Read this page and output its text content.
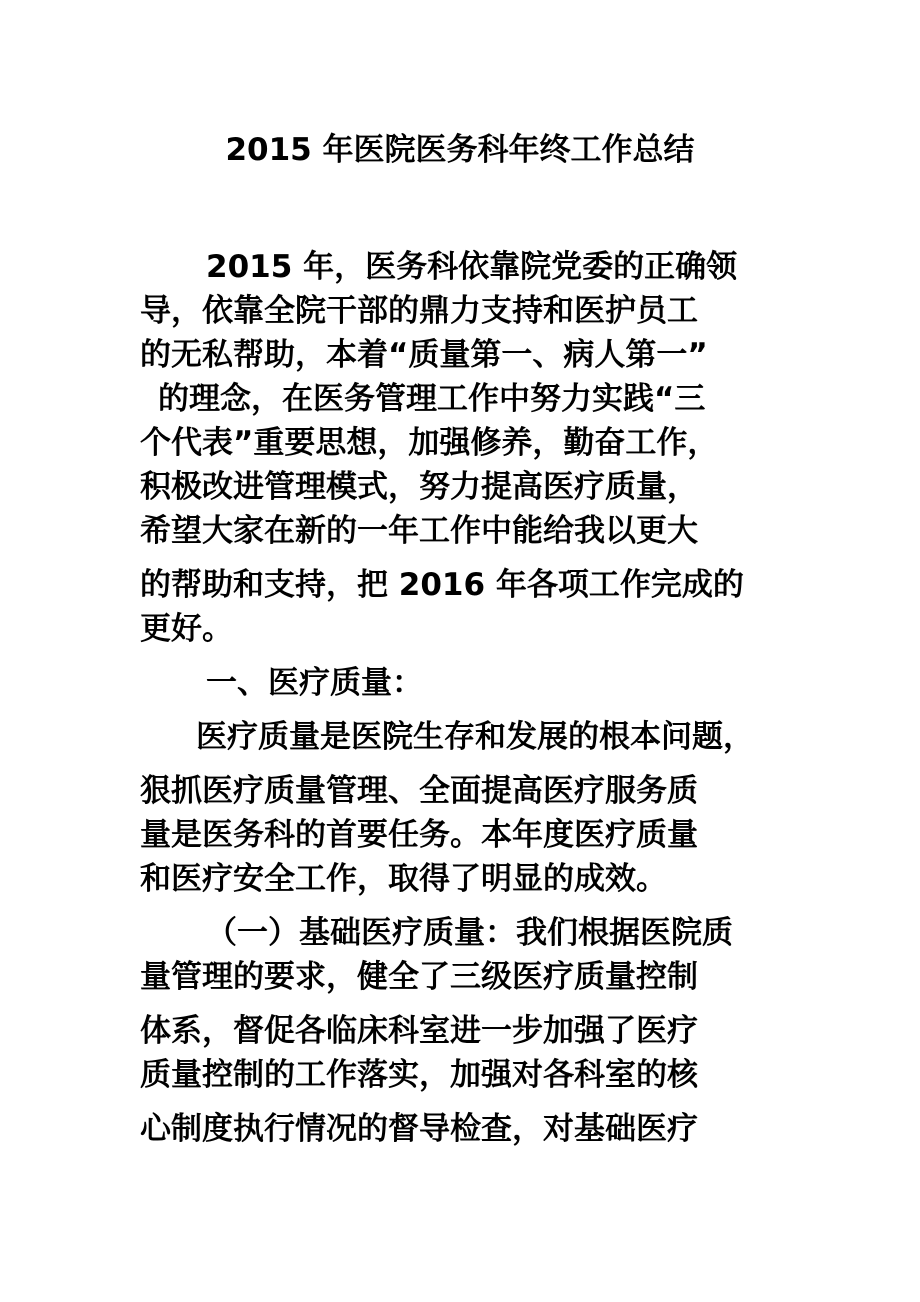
2015 年医院医务科年终工作总结
2015 年，医务科依靠院党委的正确领
导，依靠全院干部的鼎力支持和医护员工
的无私帮助，本着“质量第一、病人第一”
的理念，在医务管理工作中努力实践“三
个代表”重要思想，加强修养，勤奋工作，
积极改进管理模式，努力提高医疗质量，
希望大家在新的一年工作中能给我以更大
的帮助和支持，把 2016 年各项工作完成的
更好。
一、医疗质量：
医疗质量是医院生存和发展的根本问题，
狠抓医疗质量管理、全面提高医疗服务质
量是医务科的首要任务。本年度医疗质量
和医疗安全工作，取得了明显的成效。
（一）基础医疗质量：我们根据医院质
量管理的要求，健全了三级医疗质量控制
体系，督促各临床科室进一步加强了医疗
质量控制的工作落实，加强对各科室的核
心制度执行情况的督导检查，对基础医疗
